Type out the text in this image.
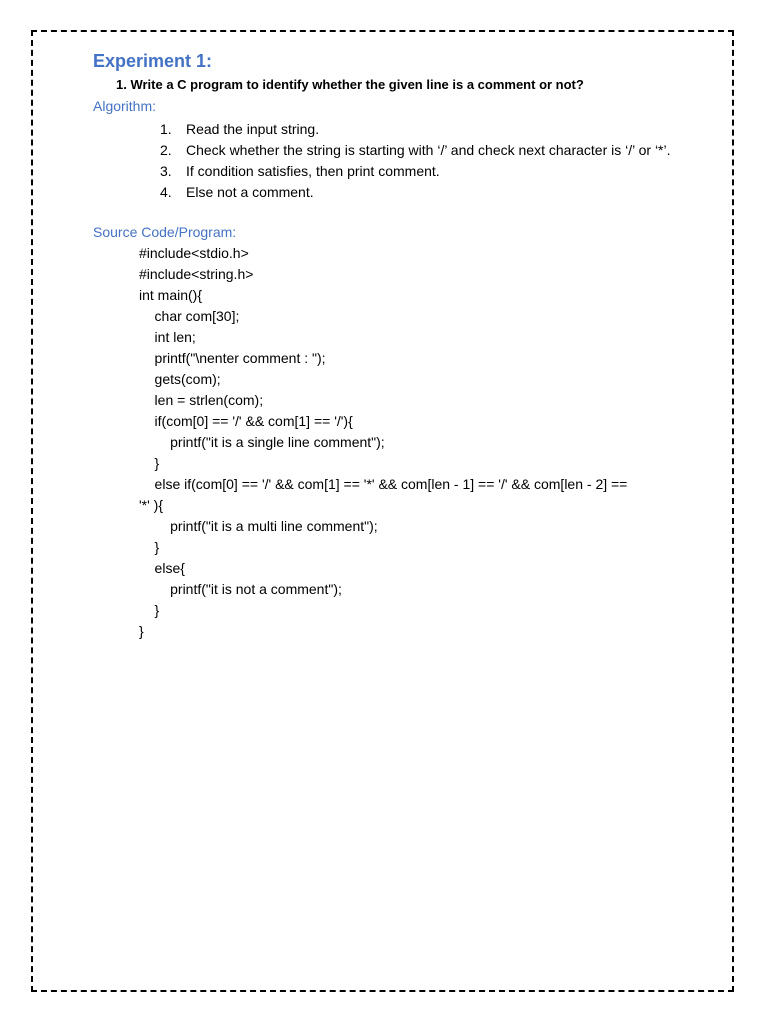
Experiment 1:
1. Write a C program to identify whether the given line is a comment or not?
Algorithm:
1. Read the input string.
2. Check whether the string is starting with ‘/’ and check next character is ‘/’ or ‘*’.
3. If condition satisfies, then print comment.
4. Else not a comment.
Source Code/Program:
#include<stdio.h>
#include<string.h>
int main(){
char com[30];
int len;
printf("\nenter comment : ");
gets(com);
len = strlen(com);
if(com[0] == '/' && com[1] == '/'){
printf("it is a single line comment");
}
else if(com[0] == '/' && com[1] == '*' && com[len - 1] == '/' && com[len - 2] ==
'*' ){
printf("it is a multi line comment");
}
else{
printf("it is not a comment");
}
}
